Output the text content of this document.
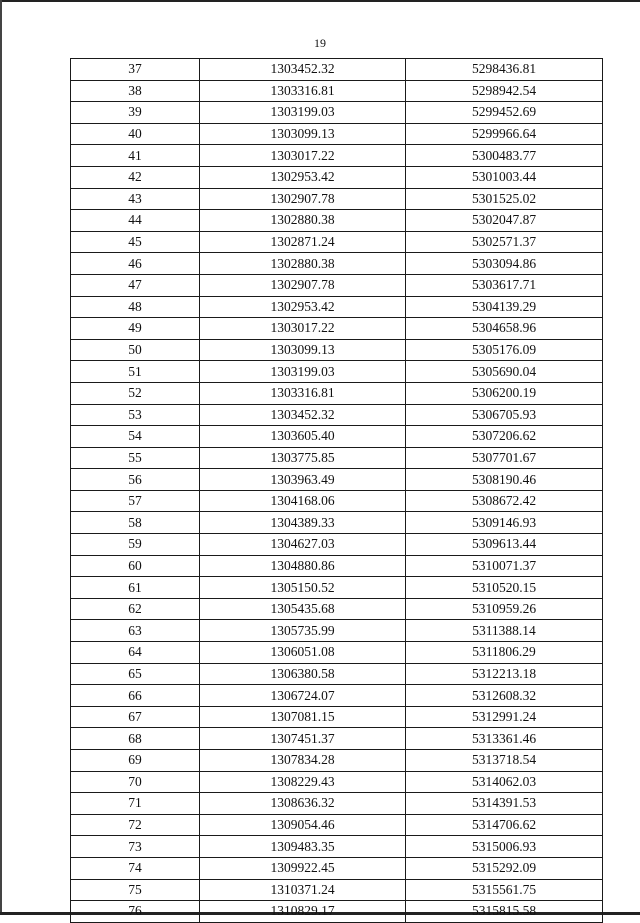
19
37	1303452.32	5298436.81
38	1303316.81	5298942.54
39	1303199.03	5299452.69
40	1303099.13	5299966.64
41	1303017.22	5300483.77
42	1302953.42	5301003.44
43	1302907.78	5301525.02
44	1302880.38	5302047.87
45	1302871.24	5302571.37
46	1302880.38	5303094.86
47	1302907.78	5303617.71
48	1302953.42	5304139.29
49	1303017.22	5304658.96
50	1303099.13	5305176.09
51	1303199.03	5305690.04
52	1303316.81	5306200.19
53	1303452.32	5306705.93
54	1303605.40	5307206.62
55	1303775.85	5307701.67
56	1303963.49	5308190.46
57	1304168.06	5308672.42
58	1304389.33	5309146.93
59	1304627.03	5309613.44
60	1304880.86	5310071.37
61	1305150.52	5310520.15
62	1305435.68	5310959.26
63	1305735.99	5311388.14
64	1306051.08	5311806.29
65	1306380.58	5312213.18
66	1306724.07	5312608.32
67	1307081.15	5312991.24
68	1307451.37	5313361.46
69	1307834.28	5313718.54
70	1308229.43	5314062.03
71	1308636.32	5314391.53
72	1309054.46	5314706.62
73	1309483.35	5315006.93
74	1309922.45	5315292.09
75	1310371.24	5315561.75
76	1310829.17	5315815.58
